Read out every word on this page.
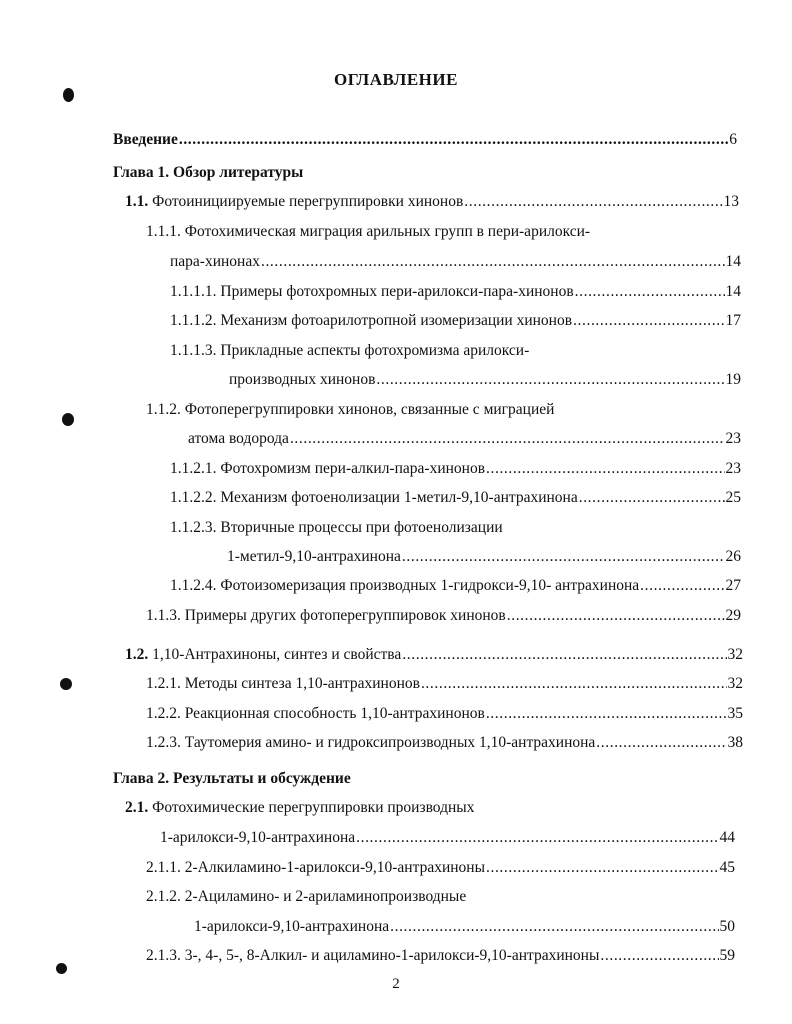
ОГЛАВЛЕНИЕ
Введение .....	6
Глава 1. Обзор литературы
1.1. Фотоинициируемые перегруппировки хинонов .....	13
1.1.1. Фотохимическая миграция арильных групп в пери-арилокси-
пара-хинонах .....	14
1.1.1.1. Примеры фотохромных пери-арилокси-пара-хинонов .....	14
1.1.1.2. Механизм фотоарилотропной изомеризации хинонов .....	17
1.1.1.3. Прикладные аспекты фотохромизма арилокси-
производных хинонов .....	19
1.1.2. Фотоперегруппировки хинонов, связанные с миграцией
атома водорода .....	23
1.1.2.1. Фотохромизм пери-алкил-пара-хинонов .....	23
1.1.2.2. Механизм фотоенолизации 1-метил-9,10-антрахинона .....	25
1.1.2.3. Вторичные процессы при фотоенолизации
1-метил-9,10-антрахинона .....	26
1.1.2.4. Фотоизомеризация производных 1-гидрокси-9,10- антрахинона .....	27
1.1.3. Примеры других фотоперегруппировок хинонов .....	29
1.2. 1,10-Антрахиноны, синтез и свойства .....	32
1.2.1. Методы синтеза 1,10-антрахинонов .....	32
1.2.2. Реакционная способность 1,10-антрахинонов .....	35
1.2.3. Таутомерия амино- и гидроксипроизводных 1,10-антрахинона .....	38
Глава 2. Результаты и обсуждение
2.1. Фотохимические перегруппировки производных
1-арилокси-9,10-антрахинона .....	44
2.1.1. 2-Алкиламино-1-арилокси-9,10-антрахиноны .....	45
2.1.2. 2-Ациламино- и 2-ариламинопроизводные
1-арилокси-9,10-антрахинона .....	50
2.1.3. 3-, 4-, 5-, 8-Алкил- и ациламино-1-арилокси-9,10-антрахиноны .....	59
2
